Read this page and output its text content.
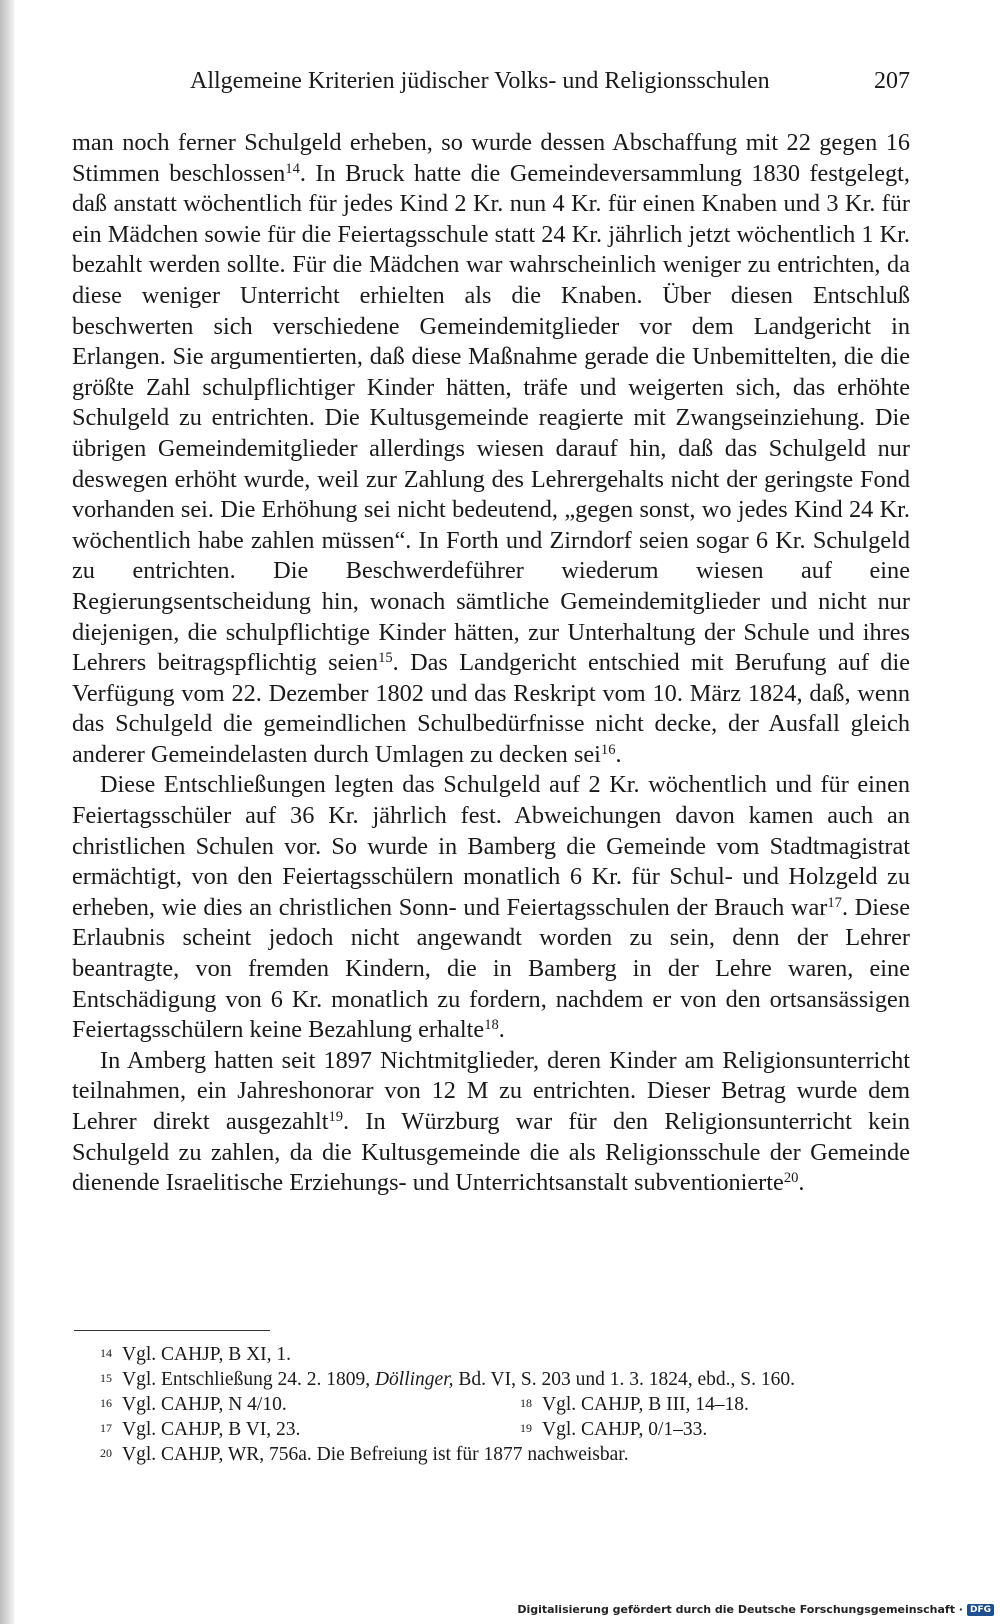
Allgemeine Kriterien jüdischer Volks- und Religionsschulen	207

man noch ferner Schulgeld erheben, so wurde dessen Abschaffung mit 22 gegen 16 Stimmen beschlossen$^{14}$. In Bruck hatte die Gemeindeversammlung 1830 festgelegt, daß anstatt wöchentlich für jedes Kind 2 Kr. nun 4 Kr. für einen Knaben und 3 Kr. für ein Mädchen sowie für die Feiertagsschule statt 24 Kr. jährlich jetzt wöchentlich 1 Kr. bezahlt werden sollte. Für die Mädchen war wahrscheinlich weniger zu entrichten, da diese weniger Unterricht erhielten als die Knaben. Über diesen Entschluß beschwerten sich verschiedene Gemeindemitglieder vor dem Landgericht in Erlangen. Sie argumentierten, daß diese Maßnahme gerade die Unbemittelten, die die größte Zahl schulpflichtiger Kinder hätten, träfe und weigerten sich, das erhöhte Schulgeld zu entrichten. Die Kultusgemeinde reagierte mit Zwangseinziehung. Die übrigen Gemeindemitglieder allerdings wiesen darauf hin, daß das Schulgeld nur deswegen erhöht wurde, weil zur Zahlung des Lehrergehalts nicht der geringste Fond vorhanden sei. Die Erhöhung sei nicht bedeutend, „gegen sonst, wo jedes Kind 24 Kr. wöchentlich habe zahlen müssen“. In Forth und Zirndorf seien sogar 6 Kr. Schulgeld zu entrichten. Die Beschwerdeführer wiederum wiesen auf eine Regierungsentscheidung hin, wonach sämtliche Gemeindemitglieder und nicht nur diejenigen, die schulpflichtige Kinder hätten, zur Unterhaltung der Schule und ihres Lehrers beitragspflichtig seien$^{15}$. Das Landgericht entschied mit Berufung auf die Verfügung vom 22. Dezember 1802 und das Reskript vom 10. März 1824, daß, wenn das Schulgeld die gemeindlichen Schulbedürfnisse nicht decke, der Ausfall gleich anderer Gemeindelasten durch Umlagen zu decken sei$^{16}$.

Diese Entschließungen legten das Schulgeld auf 2 Kr. wöchentlich und für einen Feiertagsschüler auf 36 Kr. jährlich fest. Abweichungen davon kamen auch an christlichen Schulen vor. So wurde in Bamberg die Gemeinde vom Stadtmagistrat ermächtigt, von den Feiertagsschülern monatlich 6 Kr. für Schul- und Holzgeld zu erheben, wie dies an christlichen Sonn- und Feiertagsschulen der Brauch war$^{17}$. Diese Erlaubnis scheint jedoch nicht angewandt worden zu sein, denn der Lehrer beantragte, von fremden Kindern, die in Bamberg in der Lehre waren, eine Entschädigung von 6 Kr. monatlich zu fordern, nachdem er von den ortsansässigen Feiertagsschülern keine Bezahlung erhalte$^{18}$.

In Amberg hatten seit 1897 Nichtmitglieder, deren Kinder am Religionsunterricht teilnahmen, ein Jahreshonorar von 12 M zu entrichten. Dieser Betrag wurde dem Lehrer direkt ausgezahlt$^{19}$. In Würzburg war für den Religionsunterricht kein Schulgeld zu zahlen, da die Kultusgemeinde die als Religionsschule der Gemeinde dienende Israelitische Erziehungs- und Unterrichtsanstalt subventionierte$^{20}$.

14 Vgl. CAHJP, B XI, 1.
15 Vgl. Entschließung 24. 2. 1809, Döllinger, Bd. VI, S. 203 und 1. 3. 1824, ebd., S. 160.
16 Vgl. CAHJP, N 4/10.	18 Vgl. CAHJP, B III, 14–18.
17 Vgl. CAHJP, B VI, 23.	19 Vgl. CAHJP, 0/1–33.
20 Vgl. CAHJP, WR, 756a. Die Befreiung ist für 1877 nachweisbar.
Digitalisierung gefördert durch die Deutsche Forschungsgemeinschaft · DFG
